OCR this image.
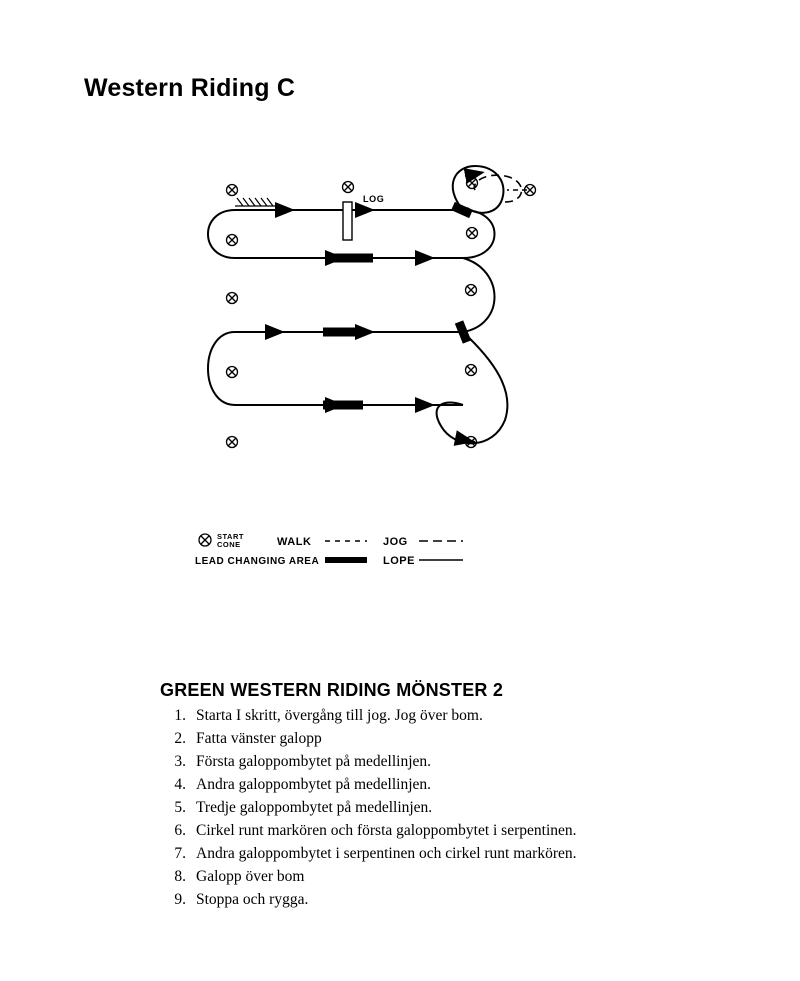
Western Riding C
LOG
START
CONE
LEAD CHANGING AREA
WALK	JOG
LOPE
GREEN WESTERN RIDING MÖNSTER 2
1. Starta I skritt, övergång till jog. Jog över bom.
2. Fatta vänster galopp
3. Första galoppombytet på medellinjen.
4. Andra galoppombytet på medellinjen.
5. Tredje galoppombytet på medellinjen.
6. Cirkel runt markören och första galoppombytet i serpentinen.
7. Andra galoppombytet i serpentinen och cirkel runt markören.
8. Galopp över bom
9. Stoppa och rygga.
